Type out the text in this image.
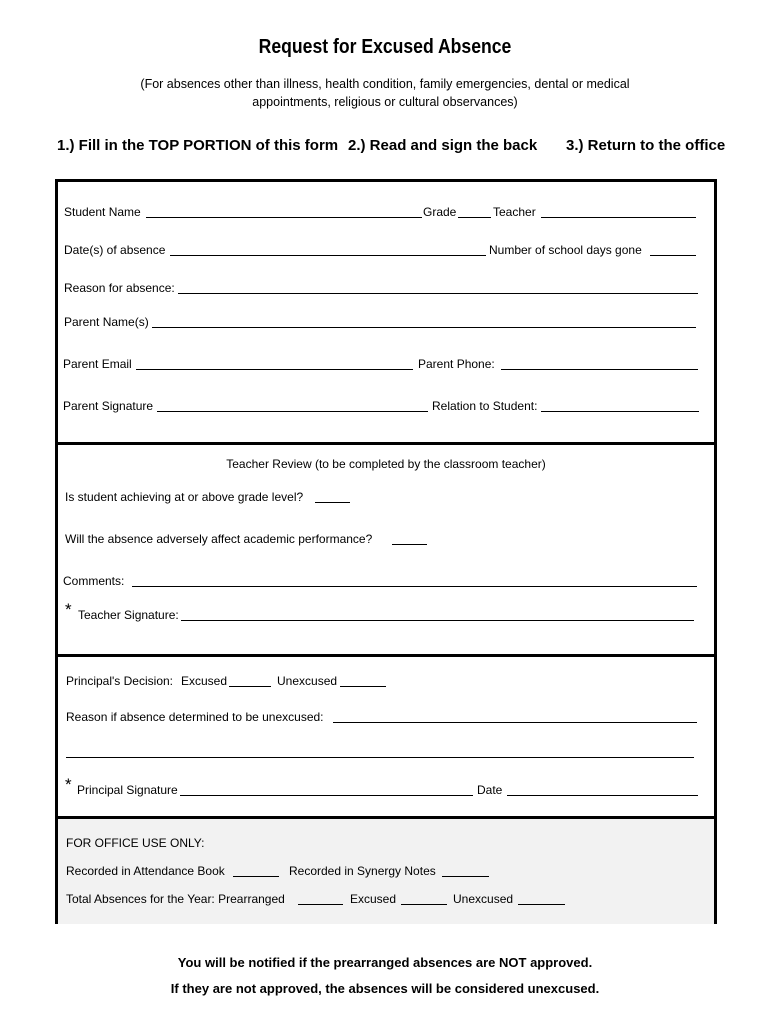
Request for Excused Absence
(For absences other than illness, health condition, family emergencies, dental or medical
appointments, religious or cultural observances)
1.) Fill in the TOP PORTION of this form 2.) Read and sign the back 3.) Return to the office
Student Name	Grade	Teacher
Date(s) of absence	Number of school days gone
Reason for absence:
Parent Name(s)
Parent Email	Parent Phone:
Parent Signature	Relation to Student:
Teacher Review (to be completed by the classroom teacher)
Is student achieving at or above grade level?
Will the absence adversely affect academic performance?
Comments:
* Teacher Signature:
Principal's Decision: Excused	Unexcused
Reason if absence determined to be unexcused:
* Principal Signature	Date
FOR OFFICE USE ONLY:
Recorded in Attendance Book	Recorded in Synergy Notes
Total Absences for the Year: Prearranged	Excused	Unexcused
You will be notified if the prearranged absences are NOT approved.
If they are not approved, the absences will be considered unexcused.
